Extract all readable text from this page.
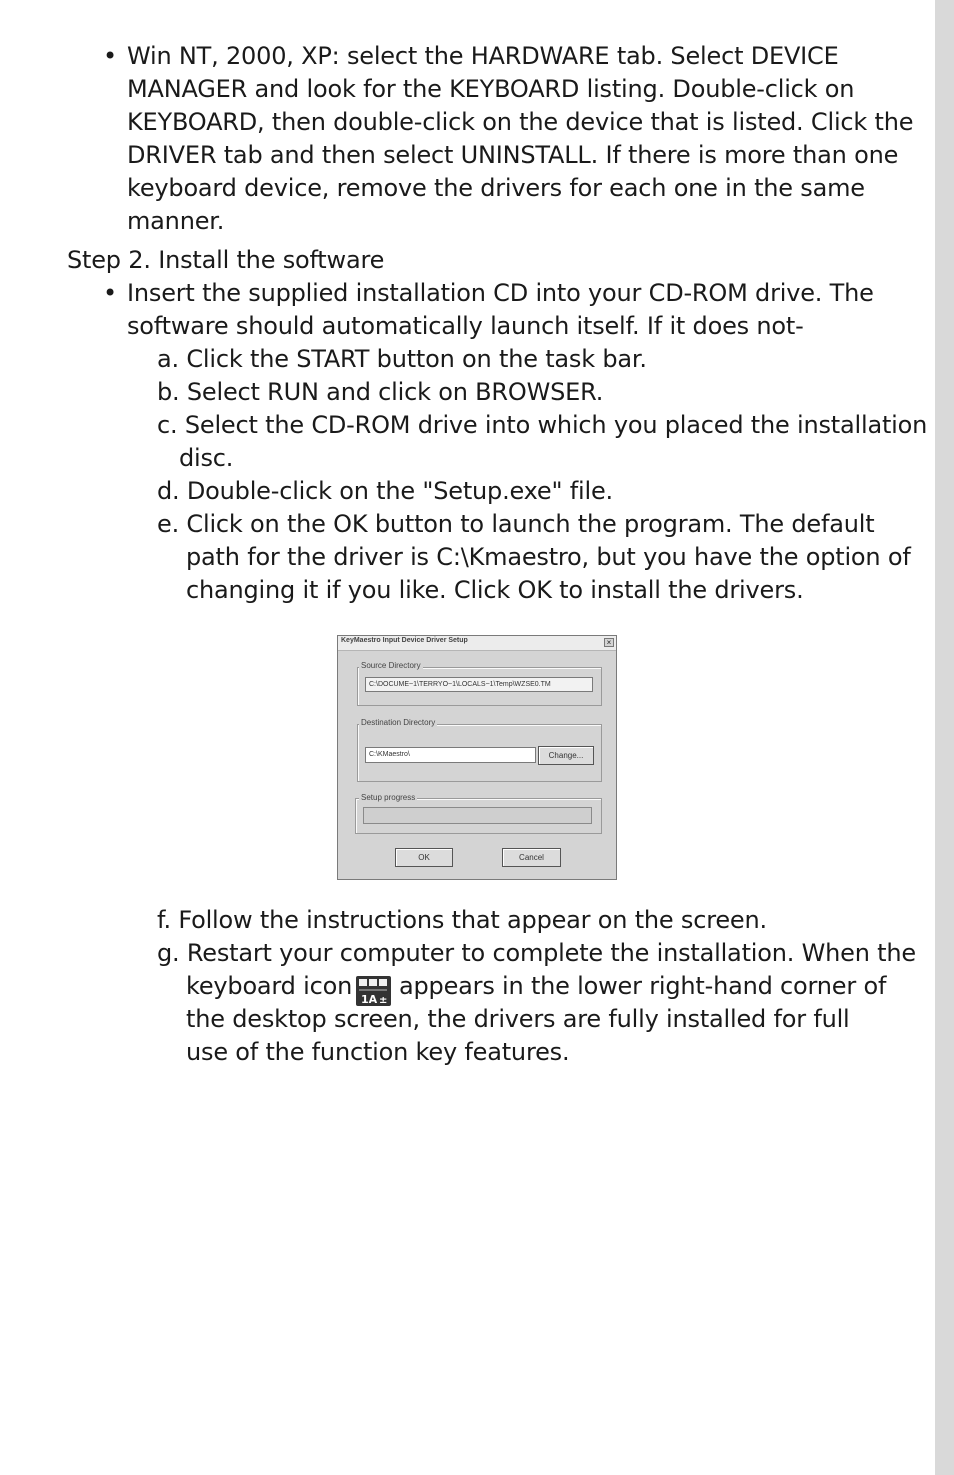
• Win NT, 2000, XP: select the HARDWARE tab. Select DEVICE
MANAGER and look for the KEYBOARD listing. Double-click on
KEYBOARD, then double-click on the device that is listed. Click the
DRIVER tab and then select UNINSTALL. If there is more than one
keyboard device, remove the drivers for each one in the same
manner.
Step 2. Install the software
• Insert the supplied installation CD into your CD-ROM drive. The
software should automatically launch itself. If it does not-
a. Click the START button on the task bar.
b. Select RUN and click on BROWSER.
c. Select the CD-ROM drive into which you placed the installation
disc.
d. Double-click on the "Setup.exe" file.
e. Click on the OK button to launch the program. The default
path for the driver is C:\Kmaestro, but you have the option of
changing it if you like. Click OK to install the drivers.
KeyMaestro Input Device Driver Setup	×
Source Directory
C:\DOCUME~1\TERRYO~1\LOCALS~1\Temp\WZSE0.TM
Destination Directory
C:\KMaestro\	Change...
Setup progress
OK	Cancel
f. Follow the instructions that appear on the screen.
g. Restart your computer to complete the installation. When the
keyboard icon 1A ±
appears in the lower right-hand corner of
the desktop screen, the drivers are fully installed for full
use of the function key features.
